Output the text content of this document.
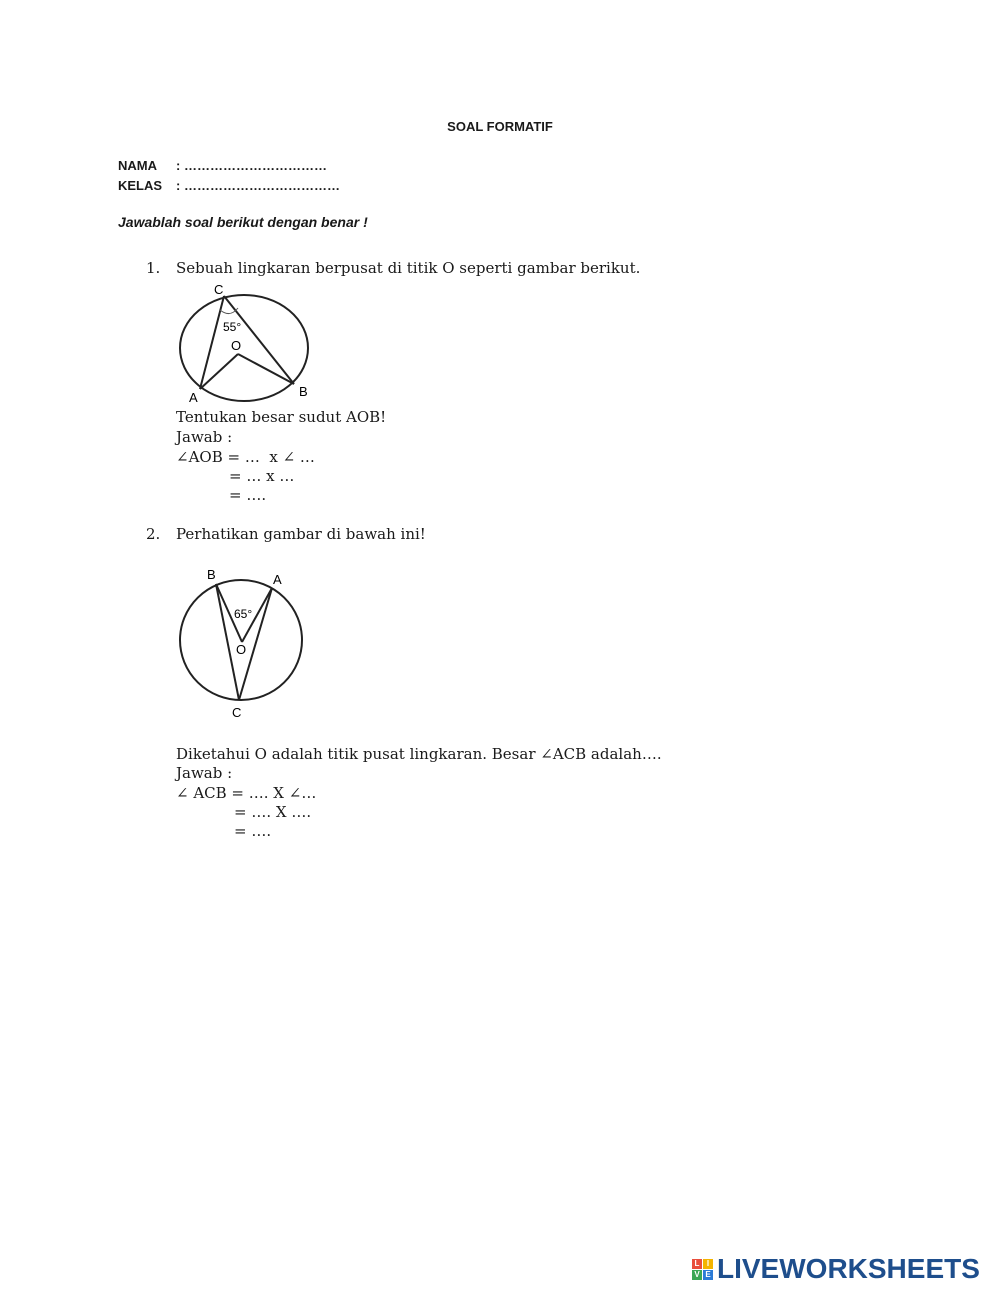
SOAL FORMATIF
NAMA : ……………………………
KELAS : ………………………………
Jawablah soal berikut dengan benar !
1. Sebuah lingkaran berpusat di titik O seperti gambar berikut.
C
55°
O
A	B
Tentukan besar sudut AOB!
Jawab :
∠AOB = …  x ∠ …
= … x …
= ….
2. Perhatikan gambar di bawah ini!
B	A
65°
O
C
Diketahui O adalah titik pusat lingkaran. Besar ∠ACB adalah….
Jawab :
∠ ACB = …. X ∠…
= …. X ….
= ….
L I
V E LIVEWORKSHEETS
